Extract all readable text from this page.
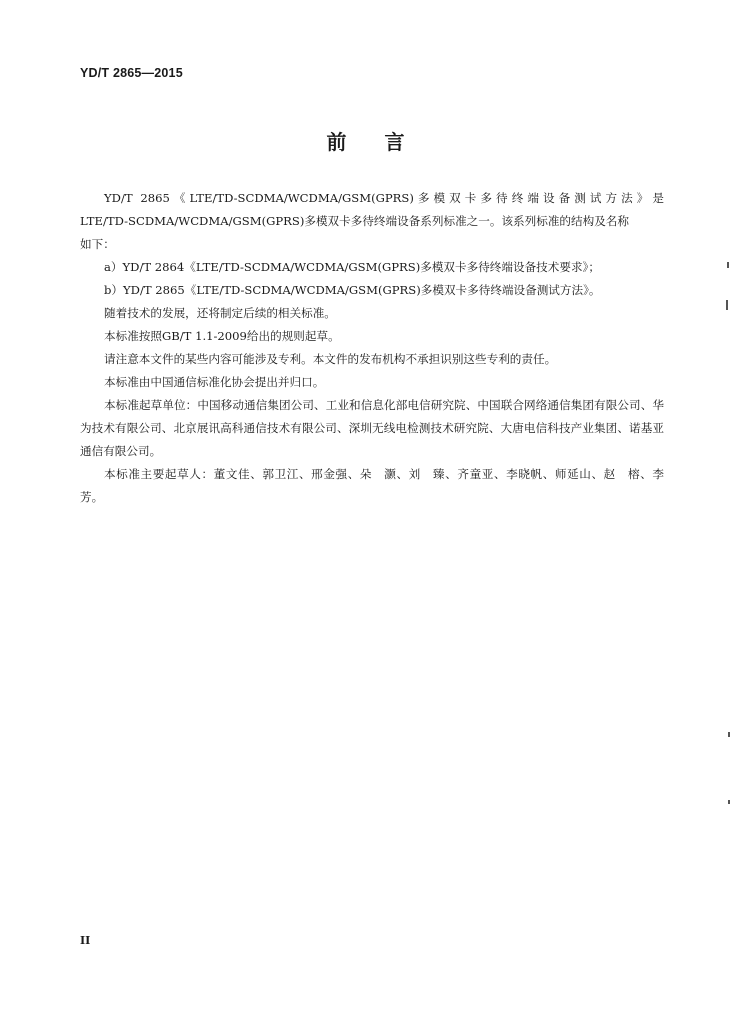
YD/T 2865—2015
前言

YD/T 2865《LTE/TD-SCDMA/WCDMA/GSM(GPRS)多模双卡多待终端设备测试方法》是

LTE/TD-SCDMA/WCDMA/GSM(GPRS)多模双卡多待终端设备系列标准之一。该系列标准的结构及名称

如下：

a）YD/T 2864《LTE/TD-SCDMA/WCDMA/GSM(GPRS)多模双卡多待终端设备技术要求》；

b）YD/T 2865《LTE/TD-SCDMA/WCDMA/GSM(GPRS)多模双卡多待终端设备测试方法》。

随着技术的发展，还将制定后续的相关标准。

本标准按照GB/T 1.1-2009给出的规则起草。

请注意本文件的某些内容可能涉及专利。本文件的发布机构不承担识别这些专利的责任。

本标准由中国通信标准化协会提出并归口。

本标准起草单位：中国移动通信集团公司、工业和信息化部电信研究院、中国联合网络通信集团有限公司、华为技术有限公司、北京展讯高科通信技术有限公司、深圳无线电检测技术研究院、大唐电信科技产业集团、诺基亚通信有限公司。

本标准主要起草人：董文佳、郭卫江、邢金强、朵　灏、刘　臻、齐童亚、李晓帆、师延山、赵　榕、李　芳。

II
